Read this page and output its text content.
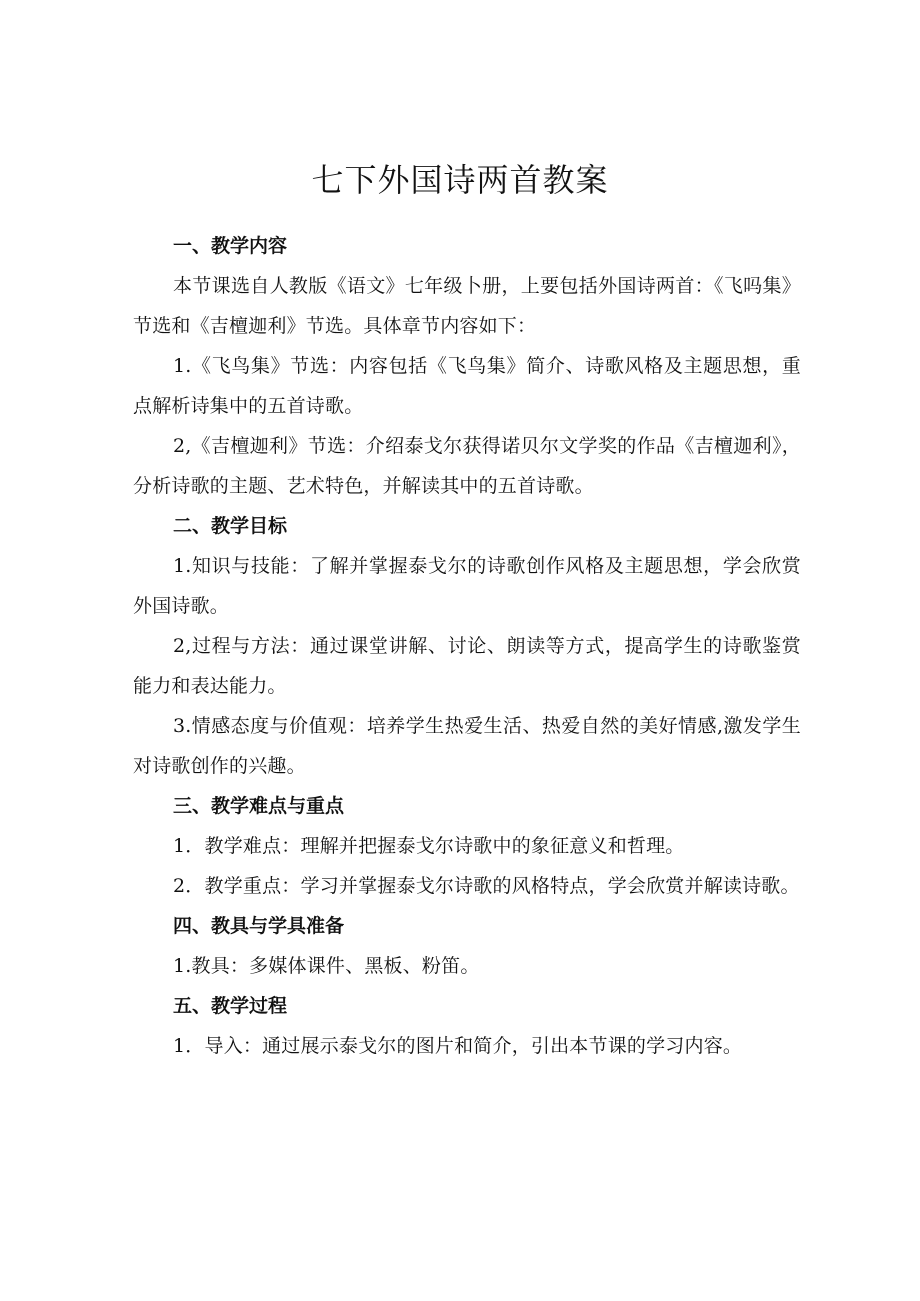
七下外国诗两首教案
一、教学内容

本节课选自人教版《语文》七年级卜册，上要包括外国诗两首：《飞吗集》节选和《吉檀迦利》节选。具体章节内容如下：

1.《飞鸟集》节选：内容包括《飞鸟集》简介、诗歌风格及主题思想，重点解析诗集中的五首诗歌。

2,《吉檀迦利》节选：介绍泰戈尔获得诺贝尔文学奖的作品《吉檀迦利》，分析诗歌的主题、艺术特色，并解读其中的五首诗歌。

二、教学目标

1.知识与技能：了解并掌握泰戈尔的诗歌创作风格及主题思想，学会欣赏外国诗歌。

2,过程与方法：通过课堂讲解、讨论、朗读等方式，提高学生的诗歌鉴赏能力和表达能力。

3.情感态度与价值观：培养学生热爱生活、热爱自然的美好情感,激发学生对诗歌创作的兴趣。

三、教学难点与重点

1．教学难点：理解并把握泰戈尔诗歌中的象征意义和哲理。

2．教学重点：学习并掌握泰戈尔诗歌的风格特点，学会欣赏并解读诗歌。

四、教具与学具准备

1.教具：多媒体课件、黑板、粉笛。

五、教学过程

1．导入：通过展示泰戈尔的图片和简介，引出本节课的学习内容。
